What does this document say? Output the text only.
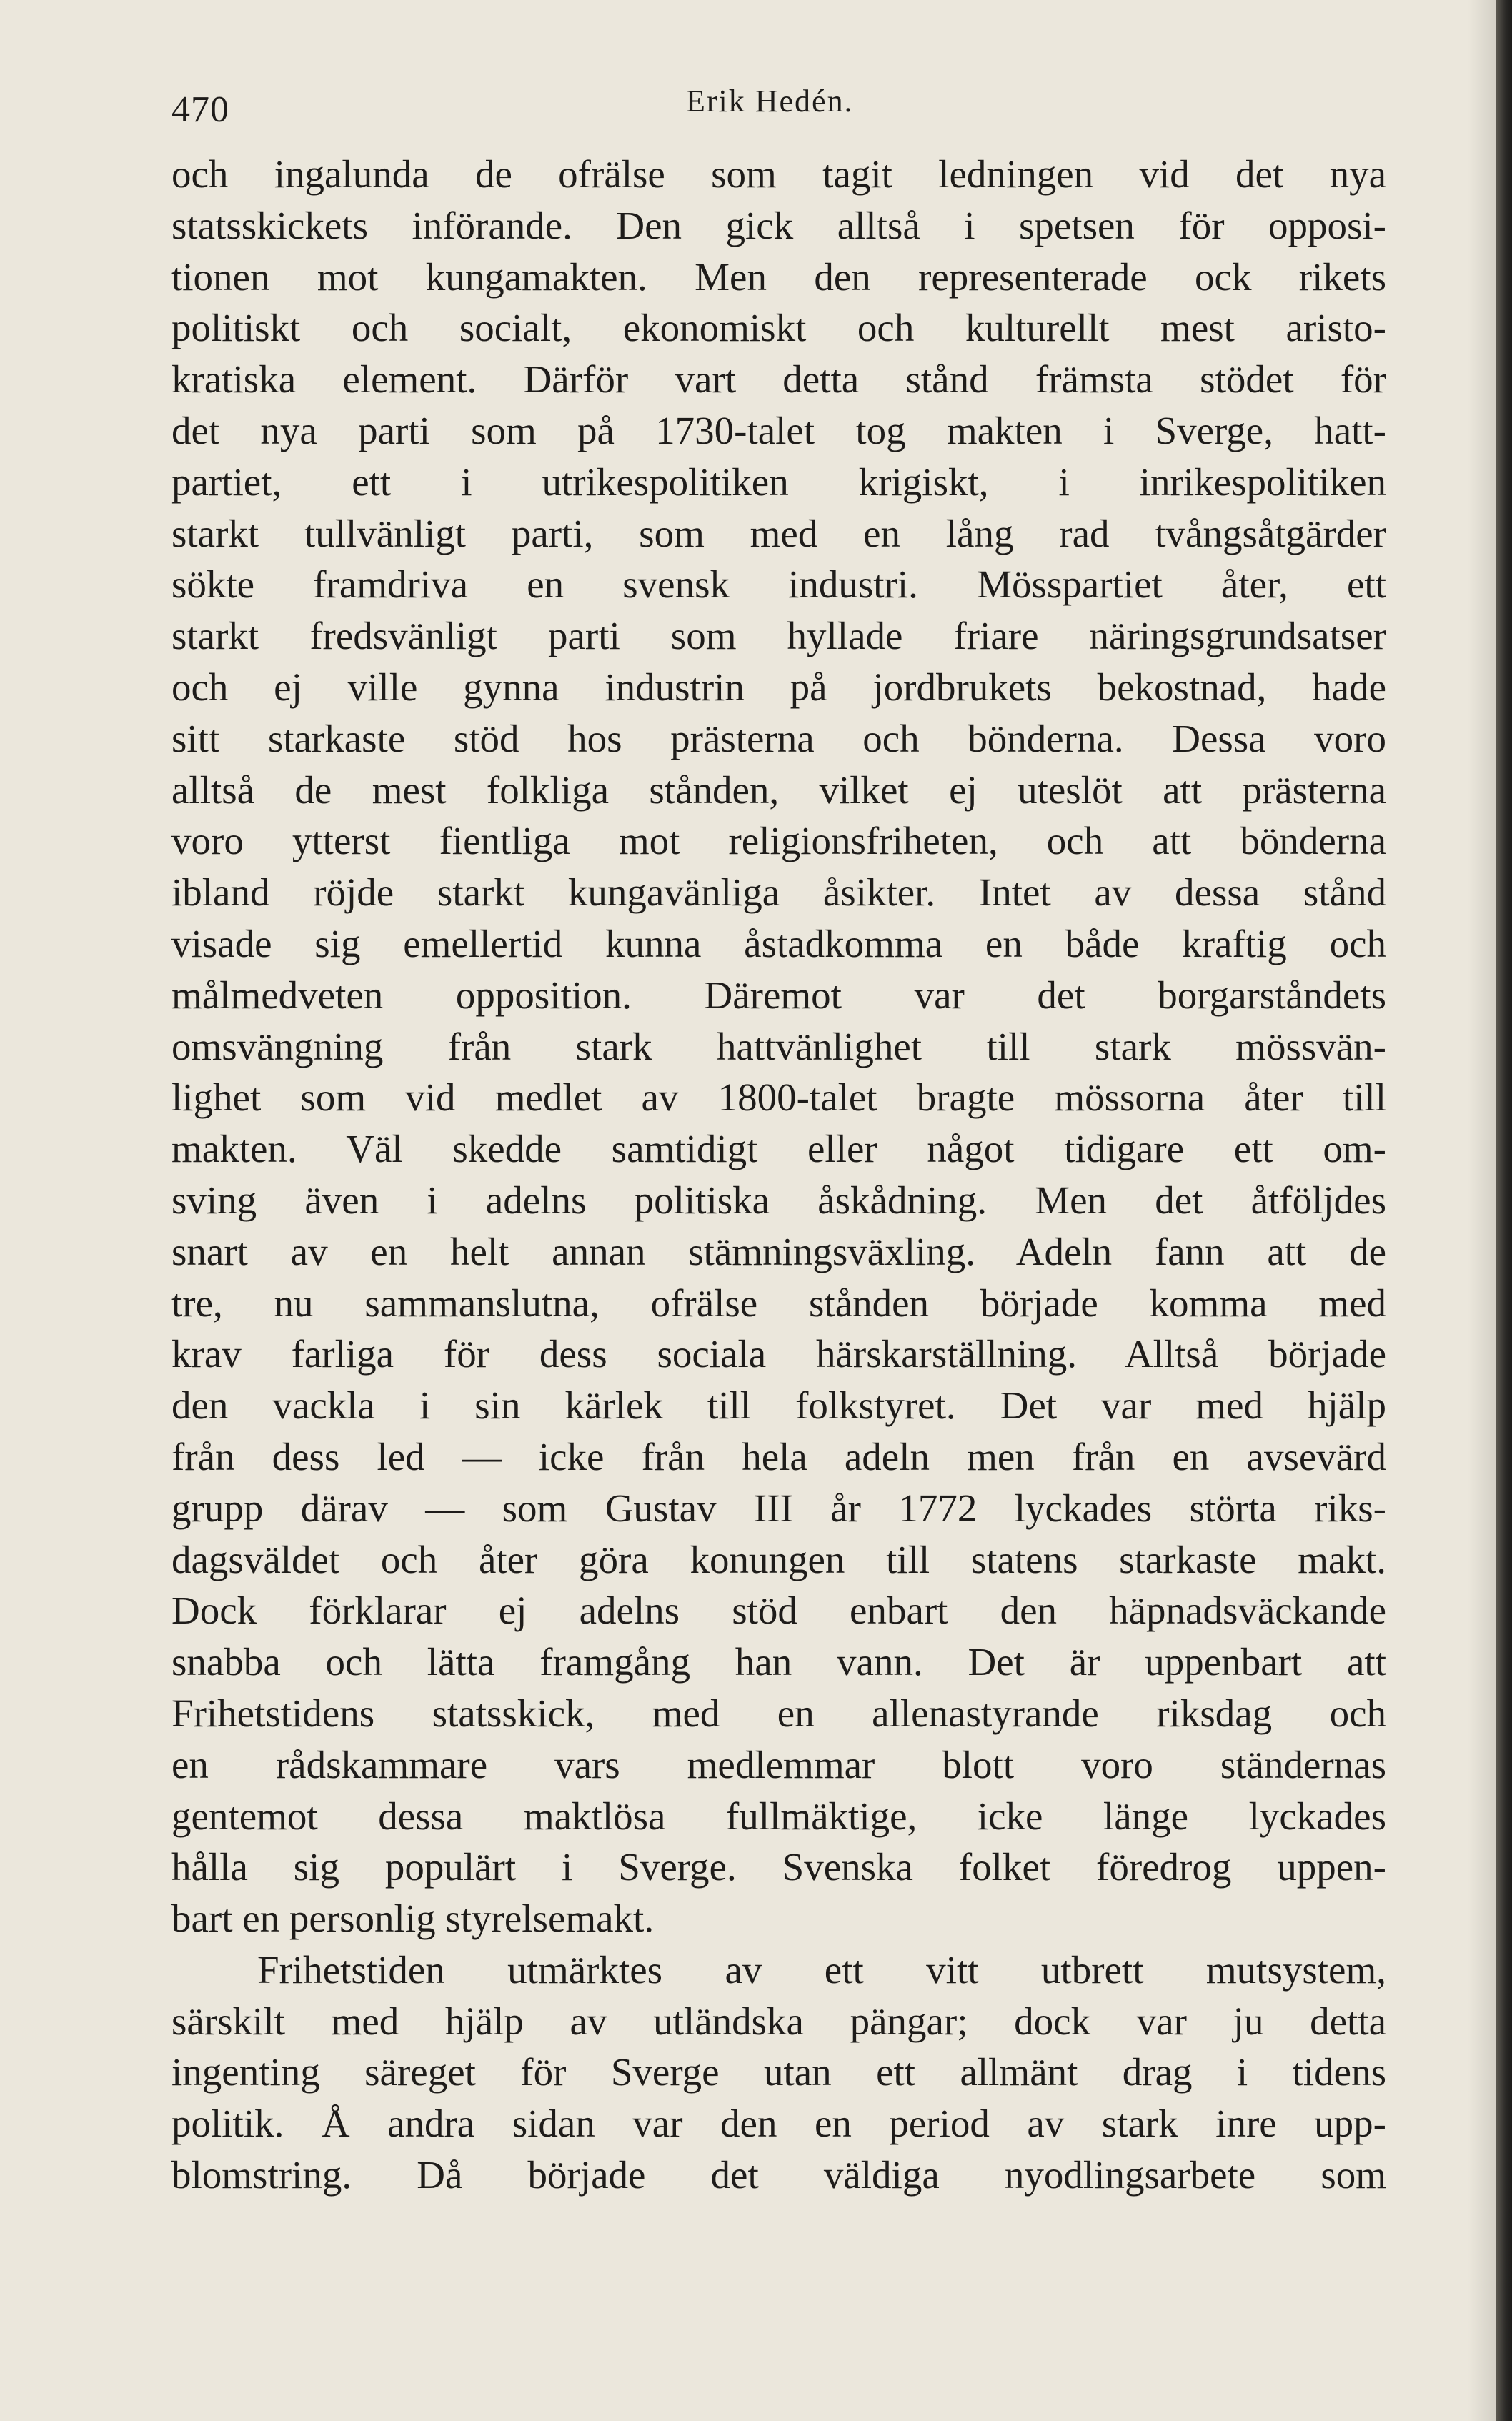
470	Erik Hedén.
och ingalunda de ofrälse som tagit ledningen vid det nya
statsskickets införande. Den gick alltså i spetsen för opposi-
tionen mot kungamakten. Men den representerade ock rikets
politiskt och socialt, ekonomiskt och kulturellt mest aristo-
kratiska element. Därför vart detta stånd främsta stödet för
det nya parti som på 1730-talet tog makten i Sverge, hatt-
partiet, ett i utrikespolitiken krigiskt, i inrikespolitiken
starkt tullvänligt parti, som med en lång rad tvångsåtgärder
sökte framdriva en svensk industri. Mösspartiet åter, ett
starkt fredsvänligt parti som hyllade friare näringsgrundsatser
och ej ville gynna industrin på jordbrukets bekostnad, hade
sitt starkaste stöd hos prästerna och bönderna. Dessa voro
alltså de mest folkliga stånden, vilket ej uteslöt att prästerna
voro ytterst fientliga mot religionsfriheten, och att bönderna
ibland röjde starkt kungavänliga åsikter. Intet av dessa stånd
visade sig emellertid kunna åstadkomma en både kraftig och
målmedveten opposition. Däremot var det borgarståndets
omsvängning från stark hattvänlighet till stark mössvän-
lighet som vid medlet av 1800-talet bragte mössorna åter till
makten. Väl skedde samtidigt eller något tidigare ett om-
sving även i adelns politiska åskådning. Men det åtföljdes
snart av en helt annan stämningsväxling. Adeln fann att de
tre, nu sammanslutna, ofrälse stånden började komma med
krav farliga för dess sociala härskarställning. Alltså började
den vackla i sin kärlek till folkstyret. Det var med hjälp
från dess led — icke från hela adeln men från en avsevärd
grupp därav — som Gustav III år 1772 lyckades störta riks-
dagsväldet och åter göra konungen till statens starkaste makt.
Dock förklarar ej adelns stöd enbart den häpnadsväckande
snabba och lätta framgång han vann. Det är uppenbart att
Frihetstidens statsskick, med en allenastyrande riksdag och
en rådskammare vars medlemmar blott voro ständernas
gentemot dessa maktlösa fullmäktige, icke länge lyckades
hålla sig populärt i Sverge. Svenska folket föredrog uppen-
bart en personlig styrelsemakt.
Frihetstiden utmärktes av ett vitt utbrett mutsystem,
särskilt med hjälp av utländska pängar; dock var ju detta
ingenting säreget för Sverge utan ett allmänt drag i tidens
politik. Å andra sidan var den en period av stark inre upp-
blomstring. Då började det väldiga nyodlingsarbete som
